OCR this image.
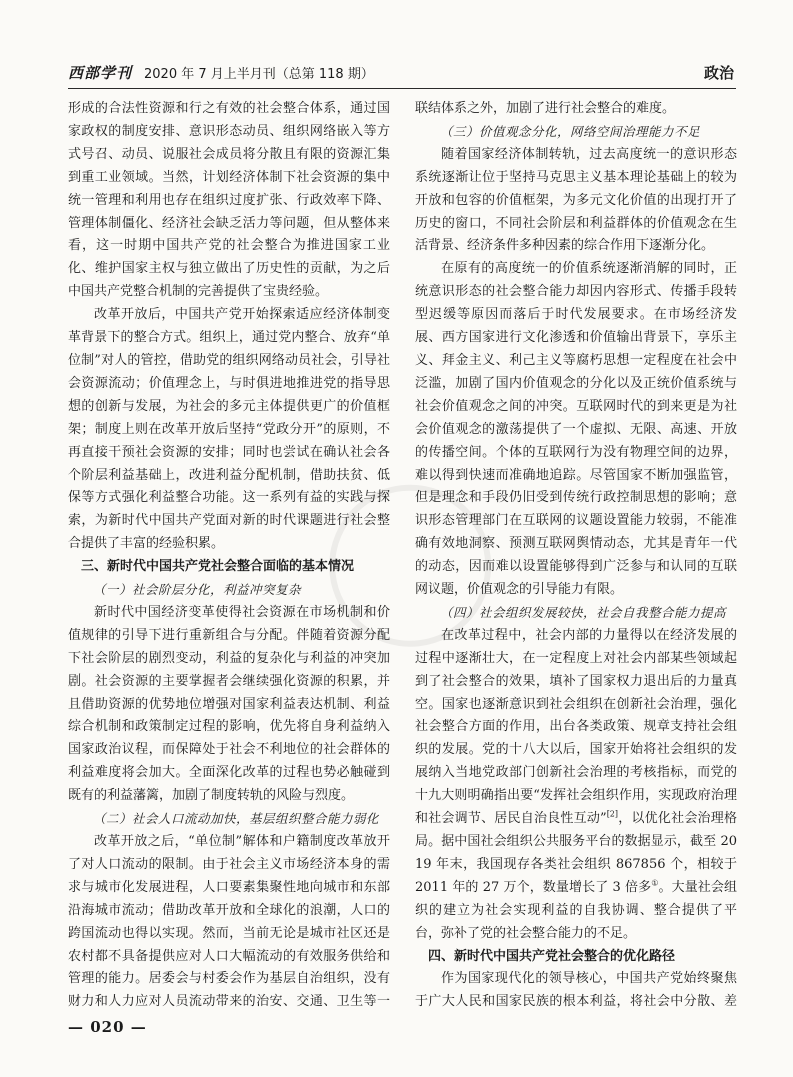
西部学刊 2020 年 7 月上半月刊（总第 118 期）	政治

形成的合法性资源和行之有效的社会整合体系，通过国家政权的制度安排、意识形态动员、组织网络嵌入等方式号召、动员、说服社会成员将分散且有限的资源汇集到重工业领域。当然，计划经济体制下社会资源的集中统一管理和利用也存在组织过度扩张、行政效率下降、管理体制僵化、经济社会缺乏活力等问题，但从整体来看，这一时期中国共产党的社会整合为推进国家工业化、维护国家主权与独立做出了历史性的贡献，为之后中国共产党整合机制的完善提供了宝贵经验。

改革开放后，中国共产党开始探索适应经济体制变革背景下的整合方式。组织上，通过党内整合、放弃“单位制”对人的管控，借助党的组织网络动员社会，引导社会资源流动；价值理念上，与时俱进地推进党的指导思想的创新与发展，为社会的多元主体提供更广的价值框架；制度上则在改革开放后坚持“党政分开”的原则，不再直接干预社会资源的安排；同时也尝试在确认社会各个阶层利益基础上，改进利益分配机制，借助扶贫、低保等方式强化利益整合功能。这一系列有益的实践与探索，为新时代中国共产党面对新的时代课题进行社会整合提供了丰富的经验积累。

三、新时代中国共产党社会整合面临的基本情况

（一）社会阶层分化，利益冲突复杂

新时代中国经济变革使得社会资源在市场机制和价值规律的引导下进行重新组合与分配。伴随着资源分配下社会阶层的剧烈变动，利益的复杂化与利益的冲突加剧。社会资源的主要掌握者会继续强化资源的积累，并且借助资源的优势地位增强对国家利益表达机制、利益综合机制和政策制定过程的影响，优先将自身利益纳入国家政治议程，而保障处于社会不利地位的社会群体的利益难度将会加大。全面深化改革的过程也势必触碰到既有的利益藩篱，加剧了制度转轨的风险与烈度。

（二）社会人口流动加快，基层组织整合能力弱化

改革开放之后，“单位制”解体和户籍制度改革放开了对人口流动的限制。由于社会主义市场经济本身的需求与城市化发展进程，人口要素集聚性地向城市和东部沿海城市流动；借助改革开放和全球化的浪潮，人口的跨国流动也得以实现。然而，当前无论是城市社区还是农村都不具备提供应对人口大幅流动的有效服务供给和管理的能力。居委会与村委会作为基层自治组织，没有财力和人力应对人员流动带来的治安、交通、卫生等一

联结体系之外，加剧了进行社会整合的难度。

（三）价值观念分化，网络空间治理能力不足

随着国家经济体制转轨，过去高度统一的意识形态系统逐渐让位于坚持马克思主义基本理论基础上的较为开放和包容的价值框架，为多元文化价值的出现打开了历史的窗口，不同社会阶层和利益群体的价值观念在生活背景、经济条件多种因素的综合作用下逐渐分化。

在原有的高度统一的价值系统逐渐消解的同时，正统意识形态的社会整合能力却因内容形式、传播手段转型迟缓等原因而落后于时代发展要求。在市场经济发展、西方国家进行文化渗透和价值输出背景下，享乐主义、拜金主义、利己主义等腐朽思想一定程度在社会中泛滥，加剧了国内价值观念的分化以及正统价值系统与社会价值观念之间的冲突。互联网时代的到来更是为社会价值观念的激荡提供了一个虚拟、无限、高速、开放的传播空间。个体的互联网行为没有物理空间的边界，难以得到快速而准确地追踪。尽管国家不断加强监管，但是理念和手段仍旧受到传统行政控制思想的影响；意识形态管理部门在互联网的议题设置能力较弱，不能准确有效地洞察、预测互联网舆情动态，尤其是青年一代的动态，因而难以设置能够得到广泛参与和认同的互联网议题，价值观念的引导能力有限。

（四）社会组织发展较快，社会自我整合能力提高

在改革过程中，社会内部的力量得以在经济发展的过程中逐渐壮大，在一定程度上对社会内部某些领域起到了社会整合的效果，填补了国家权力退出后的力量真空。国家也逐渐意识到社会组织在创新社会治理，强化社会整合方面的作用，出台各类政策、规章支持社会组织的发展。党的十八大以后，国家开始将社会组织的发展纳入当地党政部门创新社会治理的考核指标，而党的十九大则明确指出要“发挥社会组织作用，实现政府治理和社会调节、居民自治良性互动”[2]，以优化社会治理格局。据中国社会组织公共服务平台的数据显示，截至 2019 年末，我国现存各类社会组织 867856 个，相较于 2011 年的 27 万个，数量增长了 3 倍多①。大量社会组织的建立为社会实现利益的自我协调、整合提供了平台，弥补了党的社会整合能力的不足。

四、新时代中国共产党社会整合的优化路径

作为国家现代化的领导核心，中国共产党始终聚焦于广大人民和国家民族的根本利益，将社会中分散、差

— 020 —
